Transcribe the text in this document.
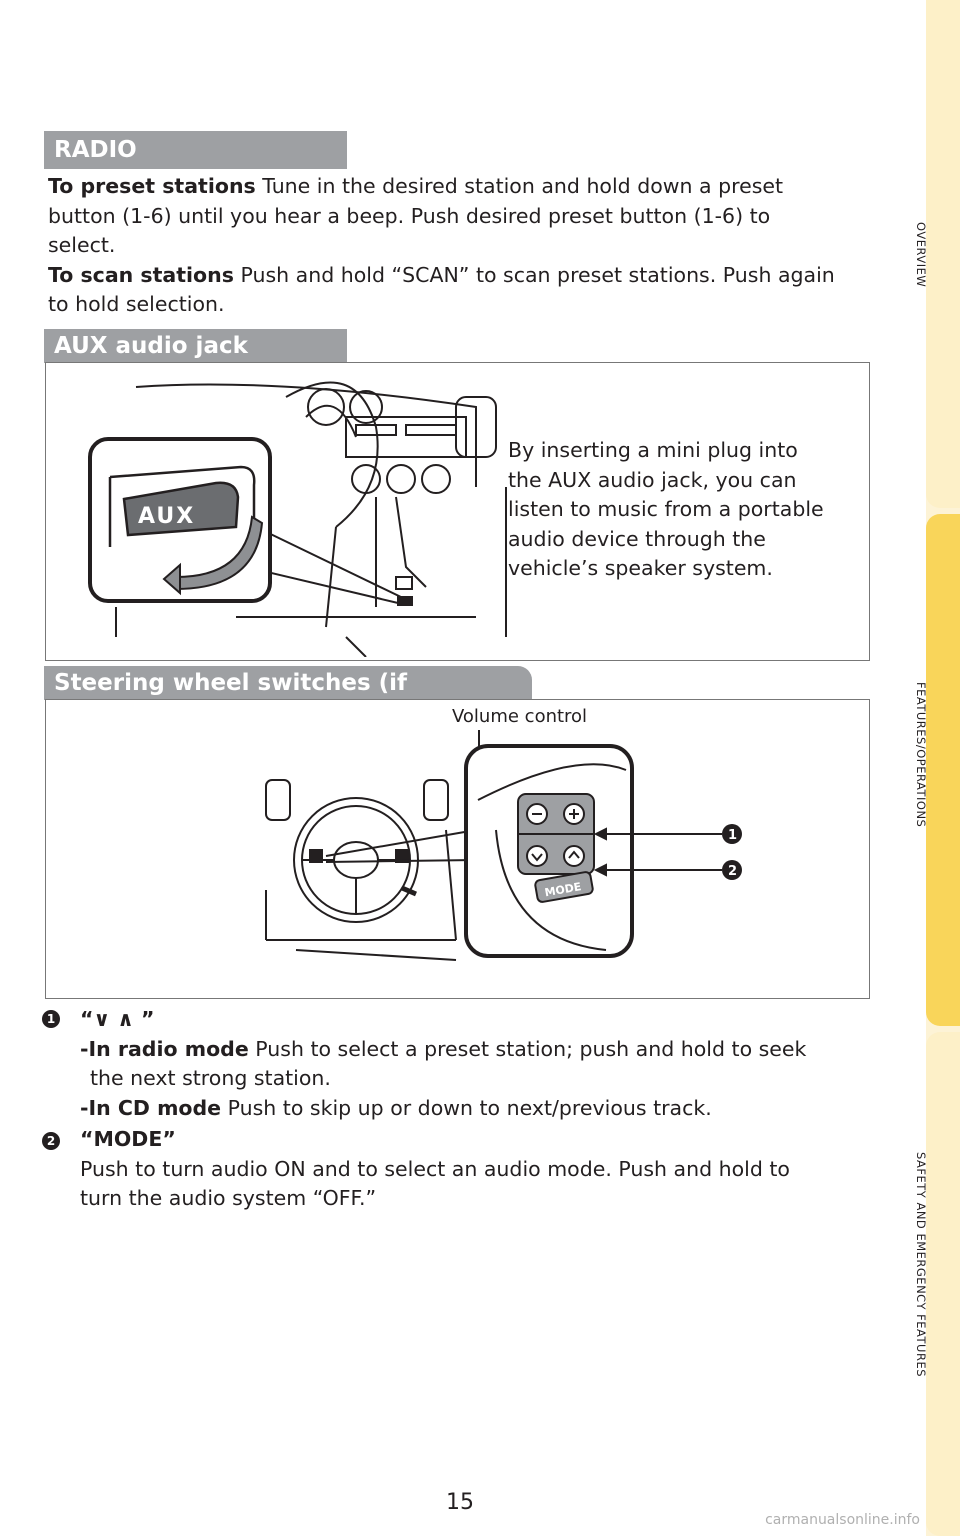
OVERVIEW
FEATURES/OPERATIONS
SAFETY AND EMERGENCY FEATURES
RADIO
To preset stations Tune in the desired station and hold down a preset
button (1-6) until you hear a beep. Push desired preset button (1-6) to
select.
To scan stations Push and hold “SCAN” to scan preset stations. Push again
to hold selection.
AUX audio jack
AUX
By inserting a mini plug into
the AUX audio jack, you can
listen to music from a portable
audio device through the
vehicle’s speaker system.
Steering wheel switches (if
Volume control
MODE
1
2
1 “∨ ∧ ”
-In radio mode Push to select a preset station; push and hold to seek
the next strong station.
-In CD mode Push to skip up or down to next/previous track.
2 “MODE”
Push to turn audio ON and to select an audio mode. Push and hold to
turn the audio system “OFF.”
15
carmanualsonline.info
